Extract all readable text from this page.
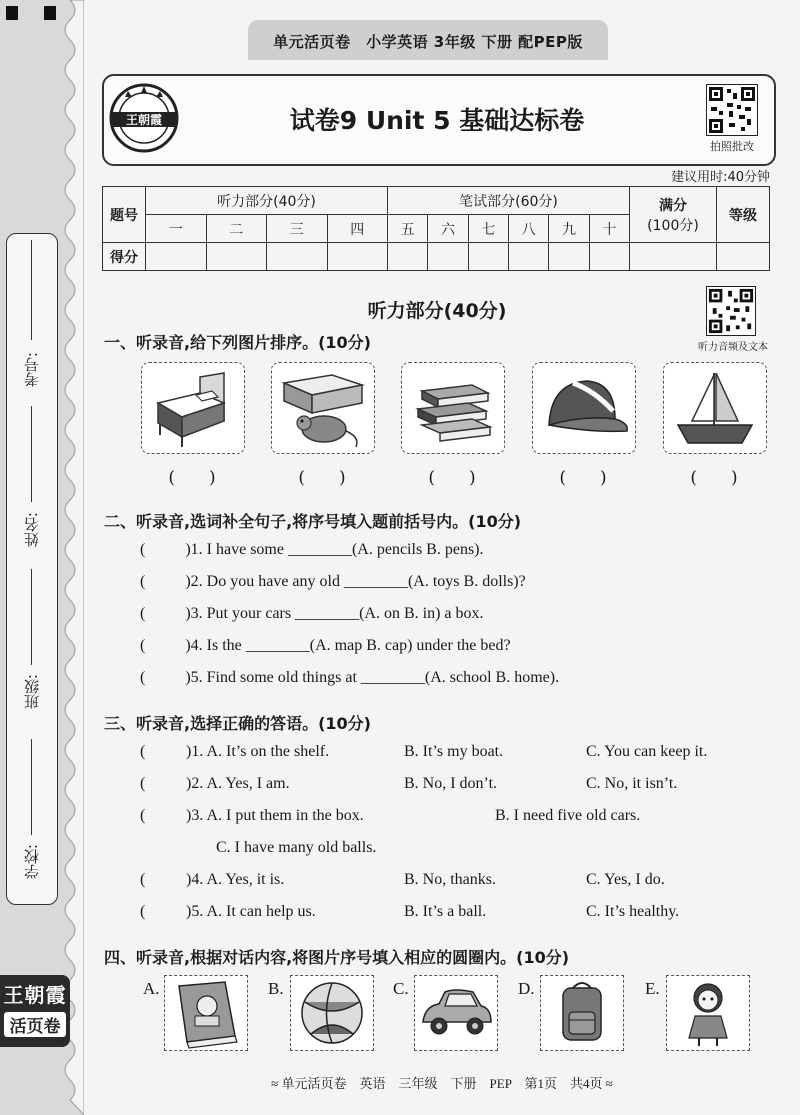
考号:
姓名:
班级:
学校:
王朝霞
活页卷
单元活页卷　小学英语 3年级 下册 配PEP版
王朝霞	试卷9 Unit 5 基础达标卷
拍照批改
建议用时:40分钟
题号	听力部分(40分)				笔试部分(60分)						满分
(100分)	等级
	一	二	三	四	五	六	七	八	九	十		
得分												
听力部分(40分)
听力音频及文本
一、听录音,给下列图片排序。(10分)
(　　)	(　　)	(　　)	(　　)	(　　)
二、听录音,选词补全句子,将序号填入题前括号内。(10分)
(	)1. I have some ________(A. pencils B. pens).
(	)2. Do you have any old ________(A. toys B. dolls)?
(	)3. Put your cars ________(A. on B. in) a box.
(	)4. Is the ________(A. map B. cap) under the bed?
(	)5. Find some old things at ________(A. school B. home).
三、听录音,选择正确的答语。(10分)
(	)1. A. It’s on the shelf.	B. It’s my boat.	C. You can keep it.
(	)2. A. Yes, I am.	B. No, I don’t.	C. No, it isn’t.
(	)3. A. I put them in the box.	B. I need five old cars.
C. I have many old balls.
(	)4. A. Yes, it is.	B. No, thanks.	C. Yes, I do.
(	)5. A. It can help us.	B. It’s a ball.	C. It’s healthy.
四、听录音,根据对话内容,将图片序号填入相应的圆圈内。(10分)
A.	B.	C.	D.	E.
≈ 单元活页卷　英语　三年级　下册　PEP　第1页　共4页 ≈
